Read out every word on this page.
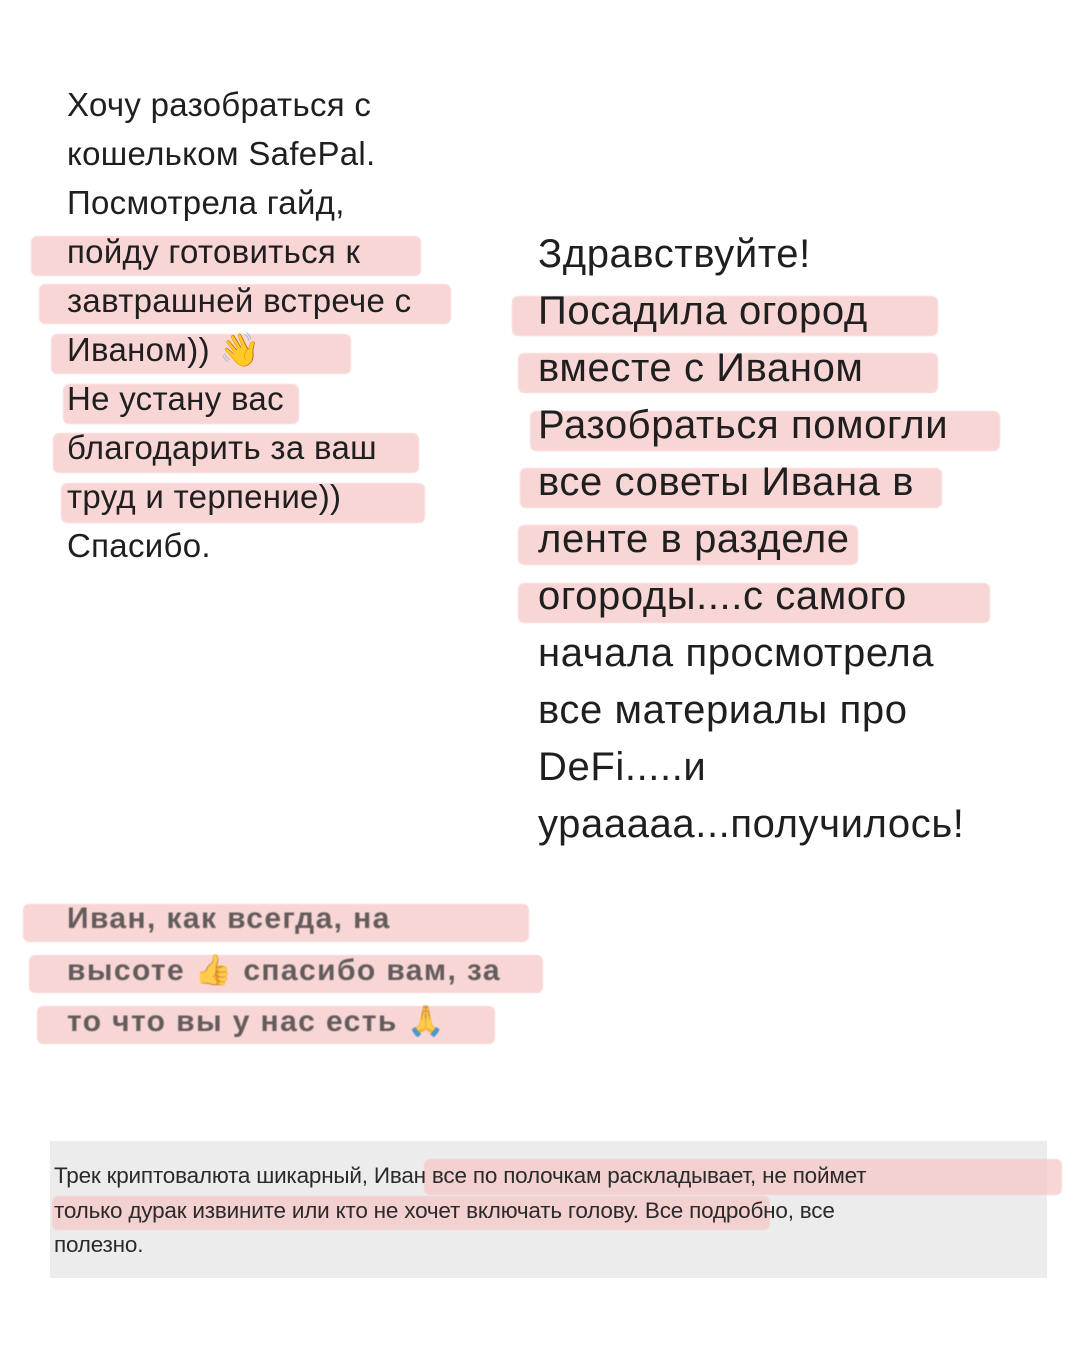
Хочу разобраться с
кошельком SafePal.
Посмотрела гайд,
пойду готовиться к
завтрашней встрече с
Иваном)) 👋
Не устану вас
благодарить за ваш
труд и терпение))
Спасибо.
Здравствуйте!
Посадила огород
вместе с Иваном
Разобраться помогли
все советы Ивана в
ленте в разделе
огороды....с самого
начала просмотрела
все материалы про
DeFi.....и
урааааа...получилось!
Иван, как всегда, на
высоте 👍 спасибо вам, за
то что вы у нас есть 🙏
Трек криптовалюта шикарный, Иван все по полочкам раскладывает, не поймет
только дурак извините или кто не хочет включать голову. Все подробно, все
полезно.
